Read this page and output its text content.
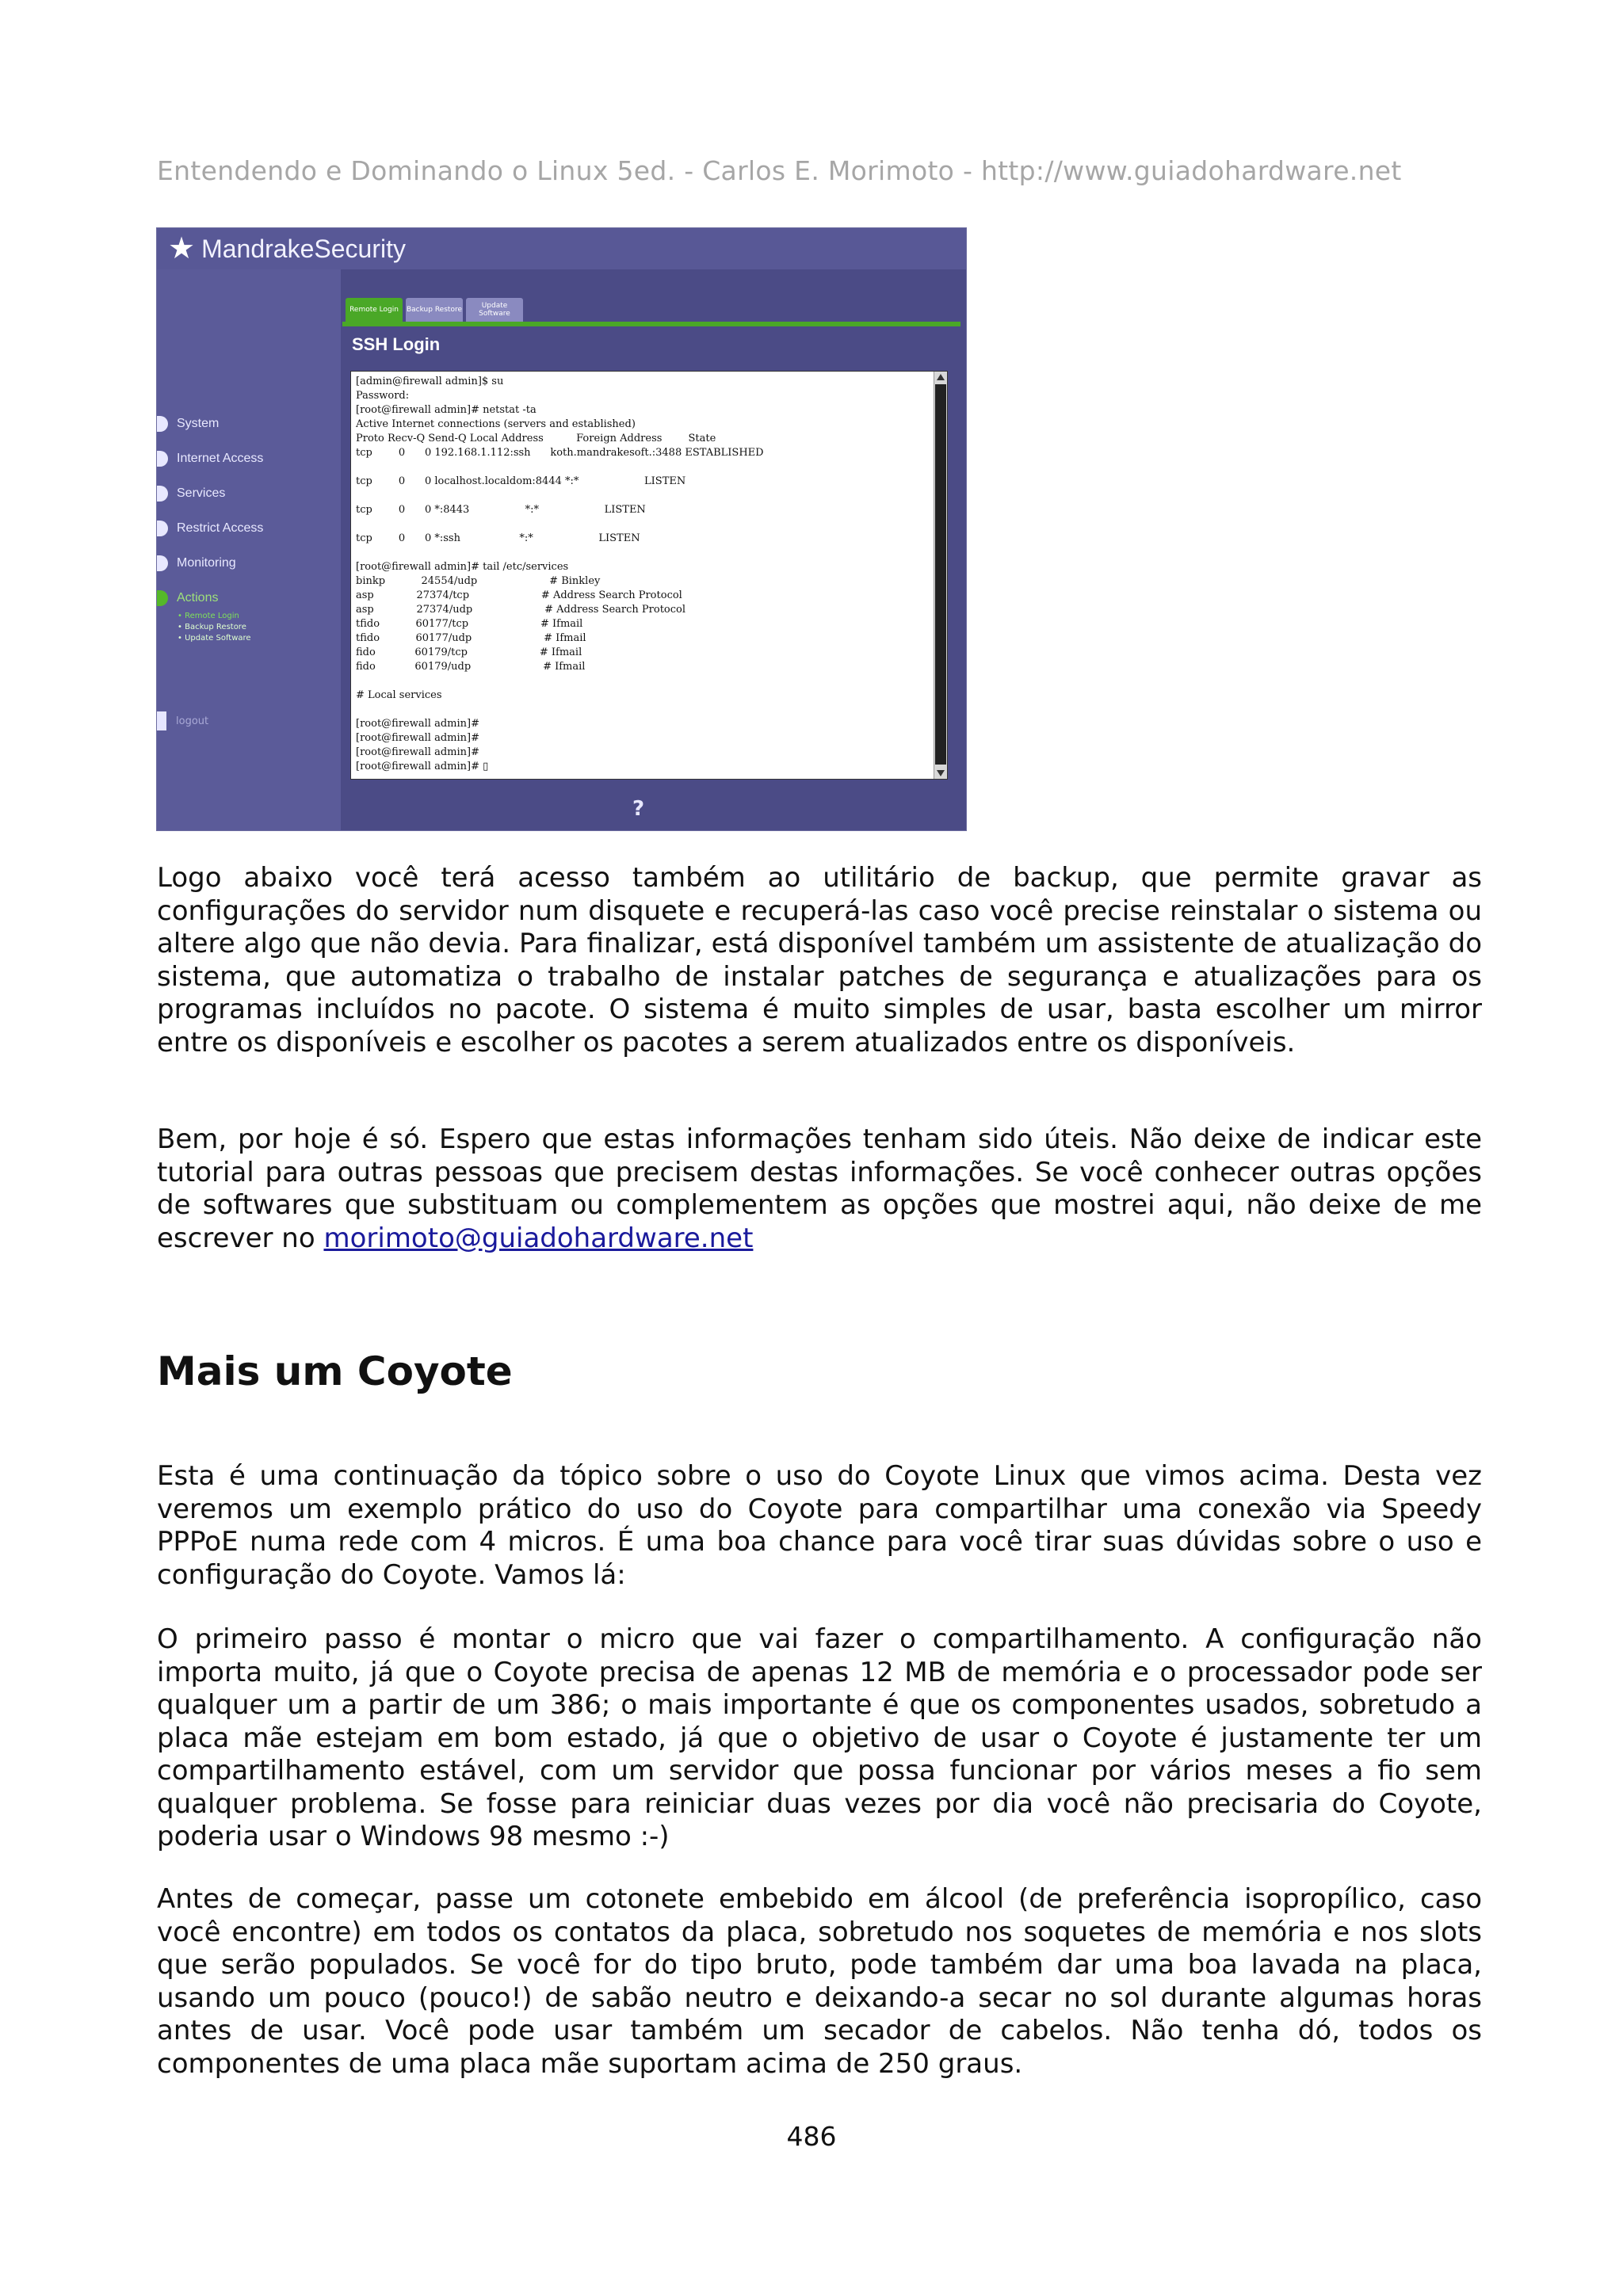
Entendendo e Dominando o Linux 5ed. - Carlos E. Morimoto - http://www.guiadohardware.net
★ MandrakeSecurity
Remote Login	Backup Restore	Update Software
SSH Login
System
Internet Access
Services
Restrict Access
Monitoring
Actions
• Remote Login
• Backup Restore
• Update Software
logout
[admin@firewall admin]$ su
Password:
[root@firewall admin]# netstat -ta
Active Internet connections (servers and established)
Proto Recv-Q Send-Q Local Address          Foreign Address        State
tcp        0      0 192.168.1.112:ssh      koth.mandrakesoft.:3488 ESTABLISHED
tcp        0      0 localhost.localdom:8444 *:*                    LISTEN
tcp        0      0 *:8443                 *:*                    LISTEN
tcp        0      0 *:ssh                  *:*                    LISTEN
[root@firewall admin]# tail /etc/services
binkp           24554/udp                      # Binkley
asp             27374/tcp                      # Address Search Protocol
asp             27374/udp                      # Address Search Protocol
tfido           60177/tcp                      # Ifmail
tfido           60177/udp                      # Ifmail
fido            60179/tcp                      # Ifmail
fido            60179/udp                      # Ifmail
# Local services
[root@firewall admin]#
[root@firewall admin]#
[root@firewall admin]#
[root@firewall admin]# ▯
?

Logo abaixo você terá acesso também ao utilitário de backup, que permite gravar as configurações do servidor num disquete e recuperá-las caso você precise reinstalar o sistema ou altere algo que não devia. Para finalizar, está disponível também um assistente de atualização do sistema, que automatiza o trabalho de instalar patches de segurança e atualizações para os programas incluídos no pacote. O sistema é muito simples de usar, basta escolher um mirror entre os disponíveis e escolher os pacotes a serem atualizados entre os disponíveis.

Bem, por hoje é só. Espero que estas informações tenham sido úteis. Não deixe de indicar este tutorial para outras pessoas que precisem destas informações. Se você conhecer outras opções de softwares que substituam ou complementem as opções que mostrei aqui, não deixe de me escrever no morimoto@guiadohardware.net

Mais um Coyote

Esta é uma continuação da tópico sobre o uso do Coyote Linux que vimos acima. Desta vez veremos um exemplo prático do uso do Coyote para compartilhar uma conexão via Speedy PPPoE numa rede com 4 micros. É uma boa chance para você tirar suas dúvidas sobre o uso e configuração do Coyote. Vamos lá:

O primeiro passo é montar o micro que vai fazer o compartilhamento. A configuração não importa muito, já que o Coyote precisa de apenas 12 MB de memória e o processador pode ser qualquer um a partir de um 386; o mais importante é que os componentes usados, sobretudo a placa mãe estejam em bom estado, já que o objetivo de usar o Coyote é justamente ter um compartilhamento estável, com um servidor que possa funcionar por vários meses a fio sem qualquer problema. Se fosse para reiniciar duas vezes por dia você não precisaria do Coyote, poderia usar o Windows 98 mesmo :-)

Antes de começar, passe um cotonete embebido em álcool (de preferência isopropílico, caso você encontre) em todos os contatos da placa, sobretudo nos soquetes de memória e nos slots que serão populados. Se você for do tipo bruto, pode também dar uma boa lavada na placa, usando um pouco (pouco!) de sabão neutro e deixando-a secar no sol durante algumas horas antes de usar. Você pode usar também um secador de cabelos. Não tenha dó, todos os componentes de uma placa mãe suportam acima de 250 graus.

486
